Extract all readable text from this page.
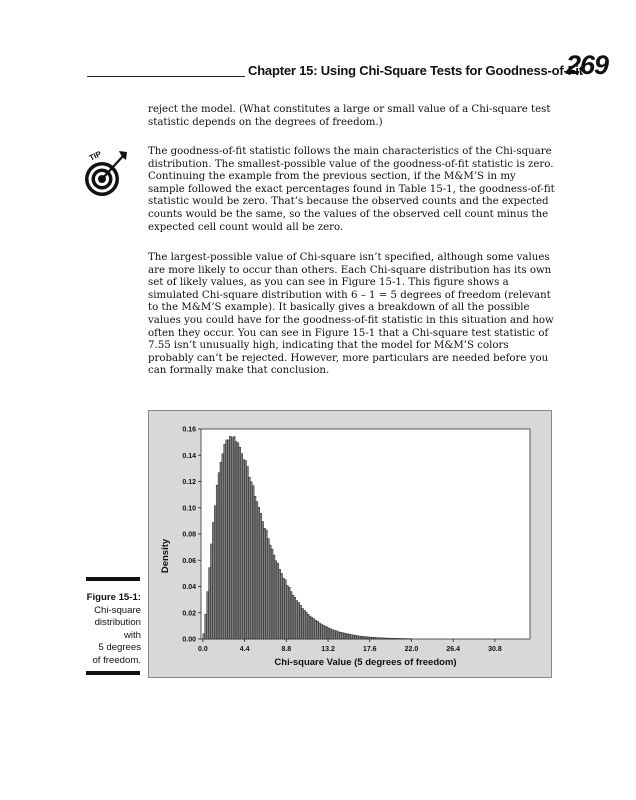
Chapter 15: Using Chi-Square Tests for Goodness-of-Fit
269
TIP
reject the model. (What constitutes a large or small value of a Chi-square test statistic depends on the degrees of freedom.)
The goodness-of-fit statistic follows the main characteristics of the Chi-square distribution. The smallest-possible value of the goodness-of-fit statistic is zero. Continuing the example from the previous section, if the M&M’S in my sample followed the exact percentages found in Table 15-1, the goodness-of-fit statistic would be zero. That’s because the observed counts and the expected counts would be the same, so the values of the observed cell count minus the expected cell count would all be zero.
The largest-possible value of Chi-square isn’t specified, although some values are more likely to occur than others. Each Chi-square distribution has its own set of likely values, as you can see in Figure 15-1. This figure shows a simulated Chi-square distribution with 6 – 1 = 5 degrees of freedom (relevant to the M&M’S example). It basically gives a breakdown of all the possible values you could have for the goodness-of-fit statistic in this situation and how often they occur. You can see in Figure 15-1 that a Chi-square test statistic of 7.55 isn’t unusually high, indicating that the model for M&M’S colors probably can’t be rejected. However, more particulars are needed before you can formally make that conclusion.
Figure 15-1:
Chi-square
distribution
with
5 degrees
of freedom.
0.00
0.02
0.04
0.06
0.08
0.10
0.12
0.14
0.16
0.0	4.4	8.8	13.2	17.6	22.0	26.4	30.8
Chi-square Value (5 degrees of freedom)
Density
